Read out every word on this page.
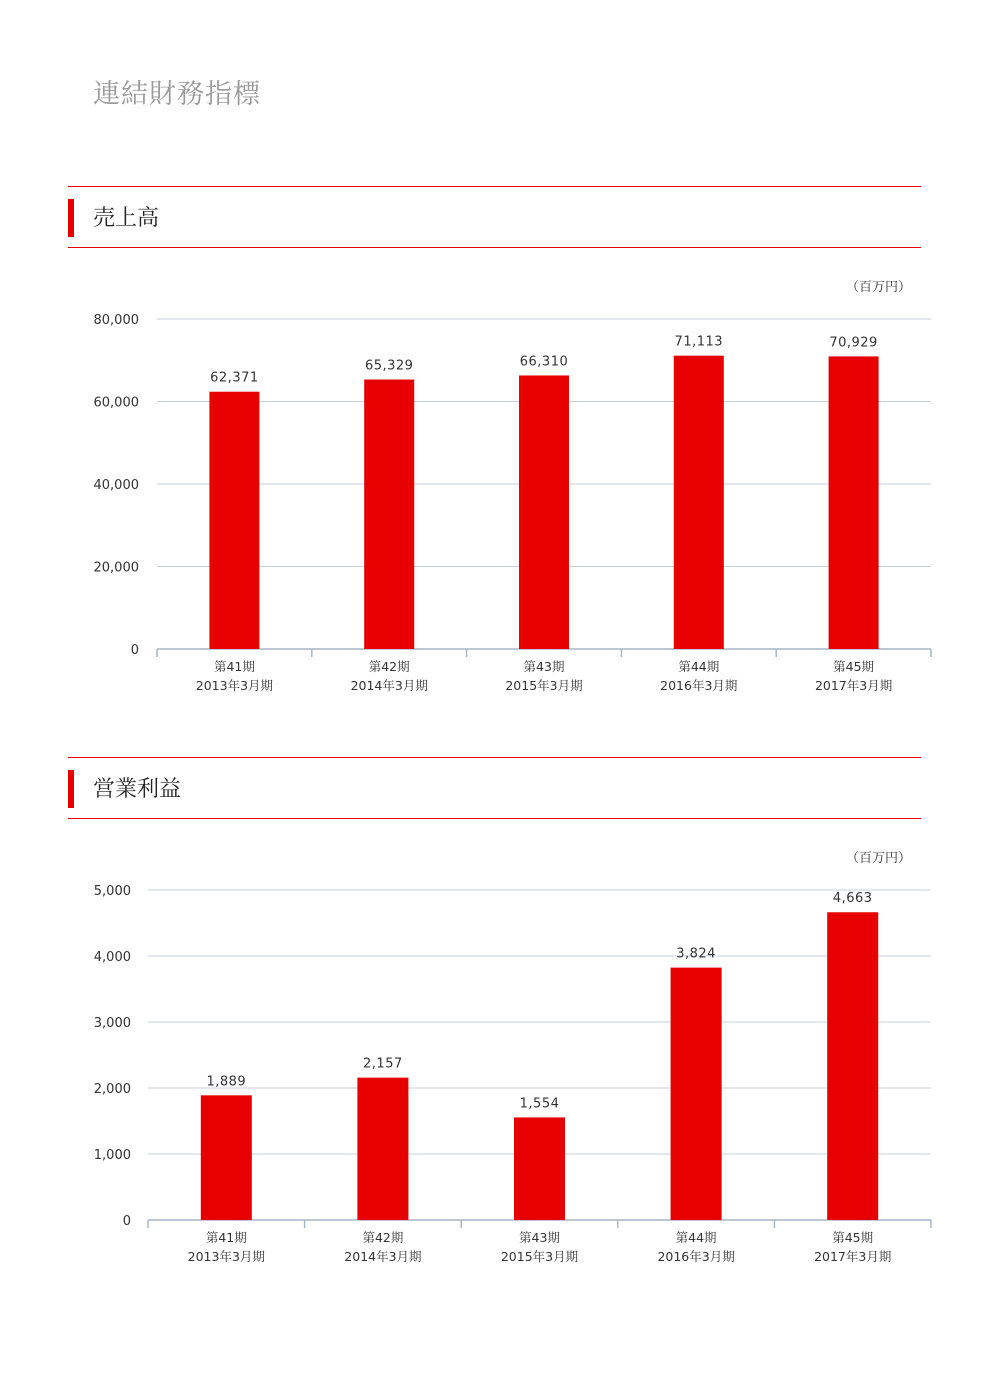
連結財務指標
売上高
（百万円）
0
20,000
40,000
60,000
80,000
62,371
第41期
2013年3月期
65,329
第42期
2014年3月期
66,310
第43期
2015年3月期
71,113
第44期
2016年3月期
70,929
第45期
2017年3月期
営業利益
（百万円）
0
1,000
2,000
3,000
4,000
5,000
1,889
第41期
2013年3月期
2,157
第42期
2014年3月期
1,554
第43期
2015年3月期
3,824
第44期
2016年3月期
4,663
第45期
2017年3月期
